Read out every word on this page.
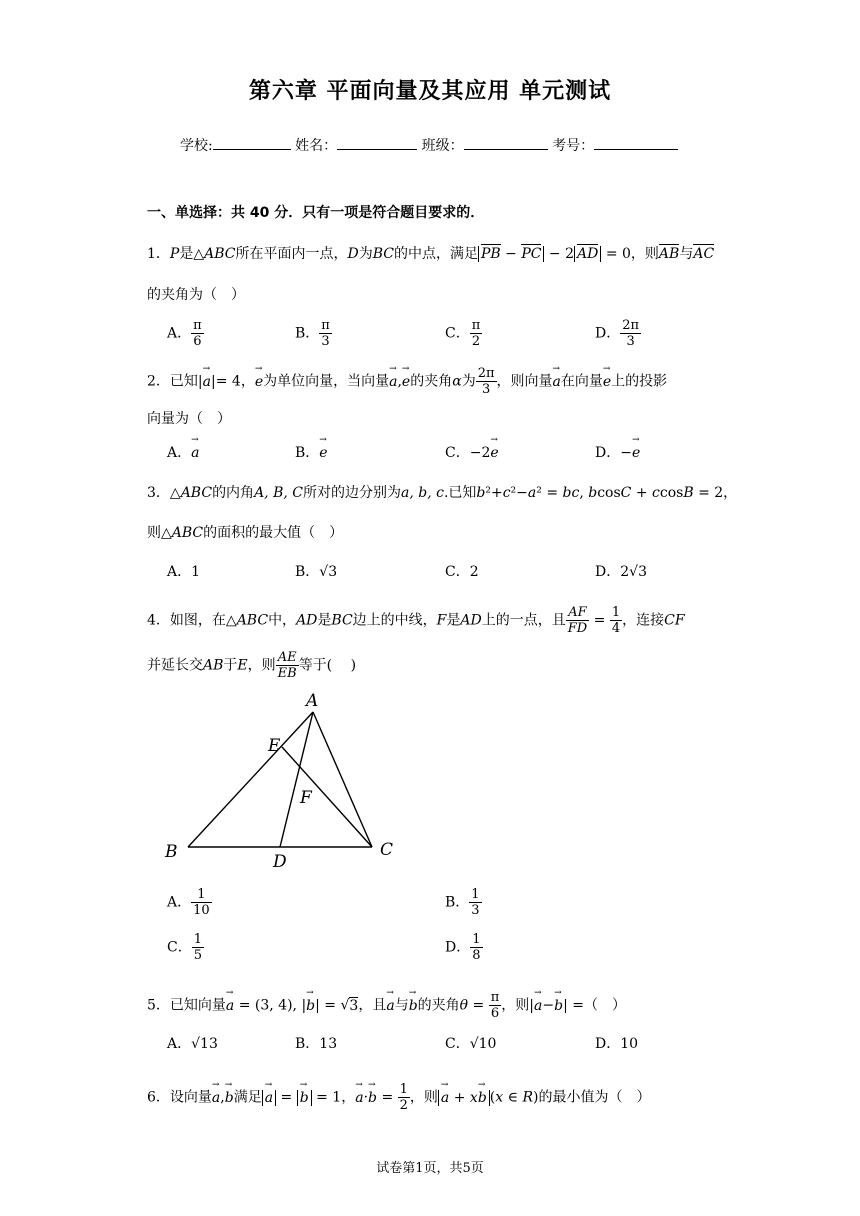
第六章 平面向量及其应用 单元测试
学校:	姓名：	班级：	考号：
一、单选择：共 40 分．只有一项是符合题目要求的．
1．P是△ABC所在平面内一点，D为BC的中点，满足 PB − PC − 2 AD = 0，则AB与AC
的夹角为（　）
A． $\frac{\pi}{6}$	B． $\frac{\pi}{3}$	C． $\frac{\pi}{2}$	D． $\frac{2\pi}{3}$
2．已知|→ a|= 4，→ e为单位向量，当向量→ a,→ e的夹角α为 $\frac{2\pi}{3}$ ，则向量→ a在向量→ e上的投影
向量为（　）
A．→ a	B．→ e	C．−2→ e	D．−→ e
3．△ABC的内角A, B, C所对的边分别为a, b, c.已知b²+c²−a² = bc, bcosC + ccosB = 2，
则△ABC的面积的最大值（　）
A．1	B．√3	C．2	D．2√3
4．如图，在△ABC中，AD是BC边上的中线，F是AD上的一点，且 $\frac{AF}{FD} = \frac{1}{4}$ ，连接CF
并延长交AB于E，则 $\frac{AE}{EB}$ 等于(　 )
A
B	C
D
E
F
A． $\frac{1}{10}$	B． $\frac{1}{3}$
C． $\frac{1}{5}$	D． $\frac{1}{8}$
5．已知向量→ a = (3, 4), |→ b| = √3，且→ a与→ b的夹角$\theta = \frac{\pi}{6}$ ，则|→ a−→ b| =（　）
A．√13	B．13	C．√10	D．10
6．设向量→ a,→ b满足 → a = → b = 1，→ $a\cdot\to b = \frac{1}{2}$ ，则 → a + x→ b (x ∈ R)的最小值为（　）
试卷第1页，共5页
